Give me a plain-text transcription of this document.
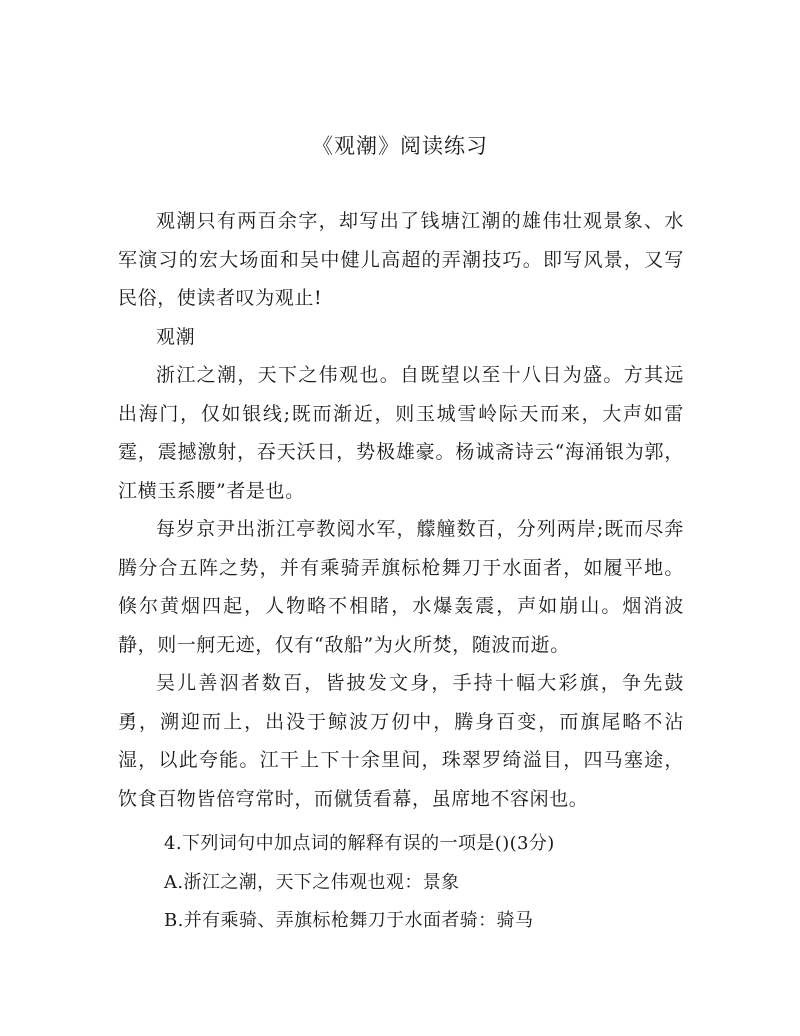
《观潮》阅读练习

观潮只有两百余字，却写出了钱塘江潮的雄伟壮观景象、水军演习的宏大场面和吴中健儿高超的弄潮技巧。即写风景，又写民俗，使读者叹为观止!

观潮

浙江之潮，天下之伟观也。自既望以至十八日为盛。方其远出海门，仅如银线;既而渐近，则玉城雪岭际天而来，大声如雷霆，震撼激射，吞天沃日，势极雄豪。杨诚斋诗云“海涌银为郭，江横玉系腰”者是也。

每岁京尹出浙江亭教阅水军，艨艟数百，分列两岸;既而尽奔腾分合五阵之势，并有乘骑弄旗标枪舞刀于水面者，如履平地。倏尔黄烟四起，人物略不相睹，水爆轰震，声如崩山。烟消波静，则一舸无迹，仅有“敌船”为火所焚，随波而逝。

吴儿善泅者数百，皆披发文身，手持十幅大彩旗，争先鼓勇，溯迎而上，出没于鲸波万仞中，腾身百变，而旗尾略不沾湿，以此夸能。江干上下十余里间，珠翠罗绮溢目，四马塞途，饮食百物皆倍穹常时，而僦赁看幕，虽席地不容闲也。

4.下列词句中加点词的解释有误的一项是()(3分)

A.浙江之潮，天下之伟观也观：景象

B.并有乘骑、弄旗标枪舞刀于水面者骑：骑马
